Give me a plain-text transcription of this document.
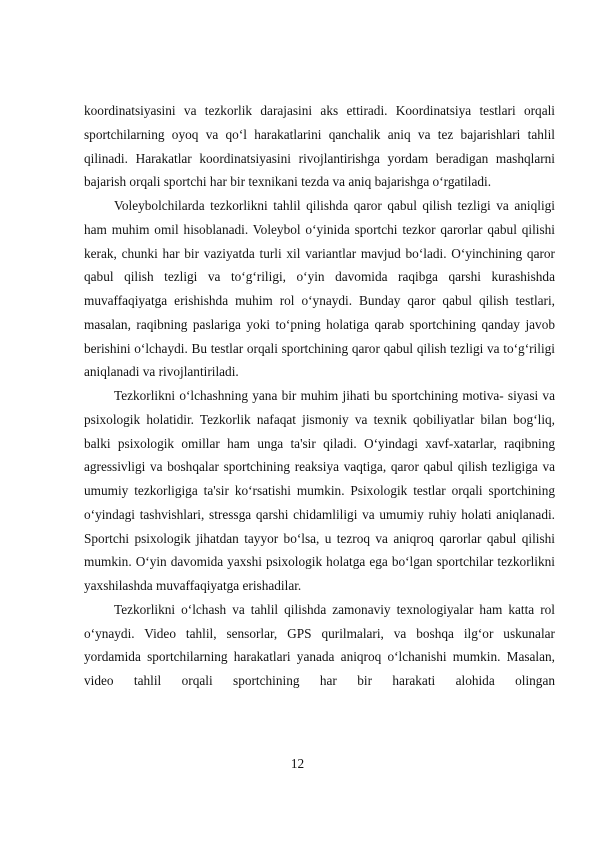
koordinatsiyasini va tezkorlik darajasini aks ettiradi. Koordinatsiya testlari orqali sportchilarning oyoq va qo‘l harakatlarini qanchalik aniq va tez bajarishlari tahlil qilinadi. Harakatlar koordinatsiyasini rivojlantirishga yordam beradigan mashqlarni bajarish orqali sportchi har bir texnikani tezda va aniq bajarishga o‘rgatiladi.

Voleybolchilarda tezkorlikni tahlil qilishda qaror qabul qilish tezligi va aniqligi ham muhim omil hisoblanadi. Voleybol o‘yinida sportchi tezkor qarorlar qabul qilishi kerak, chunki har bir vaziyatda turli xil variantlar mavjud bo‘ladi. O‘yinchining qaror qabul qilish tezligi va to‘g‘riligi, o‘yin davomida raqibga qarshi kurashishda muvaffaqiyatga erishishda muhim rol o‘ynaydi. Bunday qaror qabul qilish testlari, masalan, raqibning paslariga yoki to‘pning holatiga qarab sportchining qanday javob berishini o‘lchaydi. Bu testlar orqali sportchining qaror qabul qilish tezligi va to‘g‘riligi aniqlanadi va rivojlantiriladi.

Tezkorlikni o‘lchashning yana bir muhim jihati bu sportchining motiva- siyasi va psixologik holatidir. Tezkorlik nafaqat jismoniy va texnik qobiliyatlar bilan bog‘liq, balki psixologik omillar ham unga ta'sir qiladi. O‘yindagi xavf-xatarlar, raqibning agressivligi va boshqalar sportchining reaksiya vaqtiga, qaror qabul qilish tezligiga va umumiy tezkorligiga ta'sir ko‘rsatishi mumkin. Psixologik testlar orqali sportchining o‘yindagi tashvishlari, stressga qarshi chidamliligi va umumiy ruhiy holati aniqlanadi. Sportchi psixologik jihatdan tayyor bo‘lsa, u tezroq va aniqroq qarorlar qabul qilishi mumkin. O‘yin davomida yaxshi psixologik holatga ega bo‘lgan sportchilar tezkorlikni yaxshilashda muvaffaqiyatga erishadilar.

Tezkorlikni o‘lchash va tahlil qilishda zamonaviy texnologiyalar ham katta rol o‘ynaydi. Video tahlil, sensorlar, GPS qurilmalari, va boshqa ilg‘or uskunalar yordamida sportchilarning harakatlari yanada aniqroq o‘lchanishi mumkin. Masalan, video tahlil orqali sportchining har bir harakati alohida olingan

12
